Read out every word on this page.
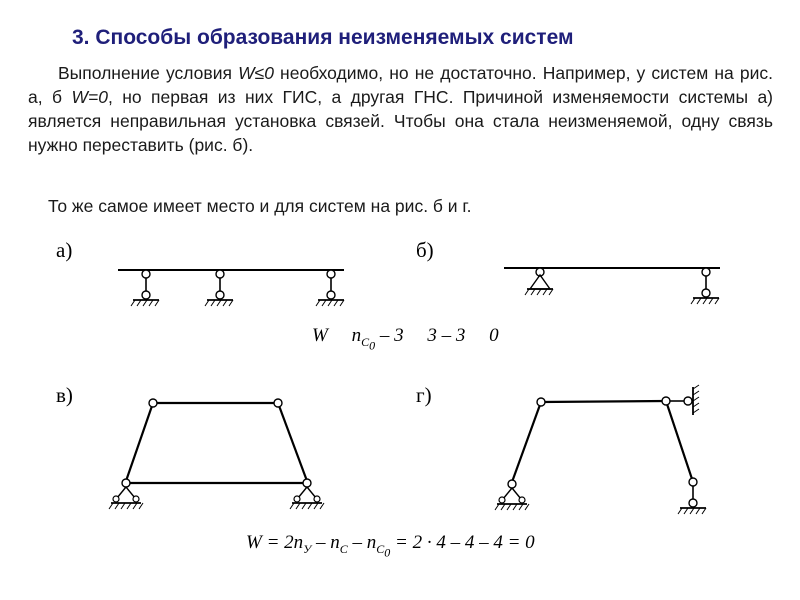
3. Способы образования неизменяемых систем
Выполнение условия W≤0 необходимо, но не достаточно. Например, у систем на рис. а, б W=0, но первая из них ГИС, а другая ГНС. Причиной изменяемости системы а) является неправильная установка связей. Чтобы она стала неизменяемой, одну связь нужно переставить (рис. б).
То же самое имеет место и для систем на рис. б и г.
а)	б)
в)	г)
W $n_{C_0} - 3$     3 – 3     0
$W = 2n_У - n_C - n_{C_0} = 2 \cdot 4 - 4 - 4 = 0$
